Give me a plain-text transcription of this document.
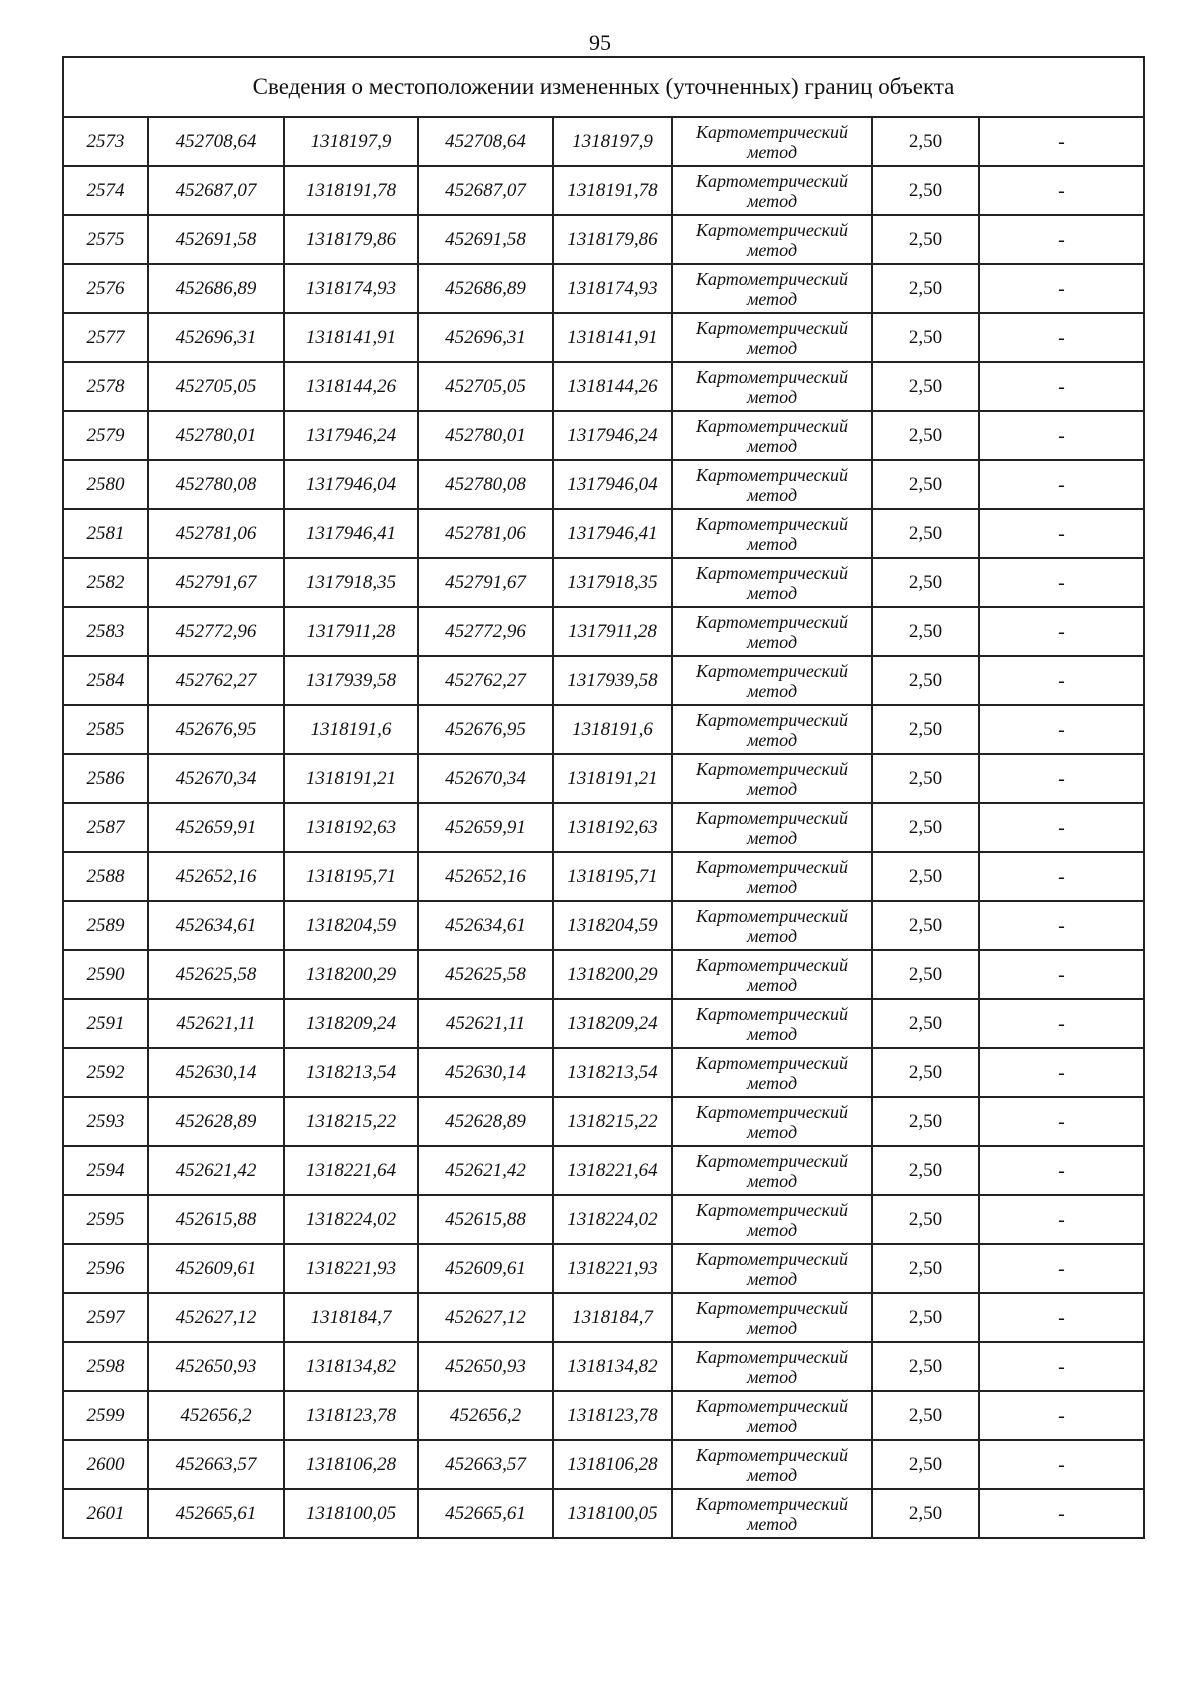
95
Сведения о местоположении измененных (уточненных) границ объекта							
2573	452708,64	1318197,9	452708,64	1318197,9	Картометрический метод	2,50	-
2574	452687,07	1318191,78	452687,07	1318191,78	Картометрический метод	2,50	-
2575	452691,58	1318179,86	452691,58	1318179,86	Картометрический метод	2,50	-
2576	452686,89	1318174,93	452686,89	1318174,93	Картометрический метод	2,50	-
2577	452696,31	1318141,91	452696,31	1318141,91	Картометрический метод	2,50	-
2578	452705,05	1318144,26	452705,05	1318144,26	Картометрический метод	2,50	-
2579	452780,01	1317946,24	452780,01	1317946,24	Картометрический метод	2,50	-
2580	452780,08	1317946,04	452780,08	1317946,04	Картометрический метод	2,50	-
2581	452781,06	1317946,41	452781,06	1317946,41	Картометрический метод	2,50	-
2582	452791,67	1317918,35	452791,67	1317918,35	Картометрический метод	2,50	-
2583	452772,96	1317911,28	452772,96	1317911,28	Картометрический метод	2,50	-
2584	452762,27	1317939,58	452762,27	1317939,58	Картометрический метод	2,50	-
2585	452676,95	1318191,6	452676,95	1318191,6	Картометрический метод	2,50	-
2586	452670,34	1318191,21	452670,34	1318191,21	Картометрический метод	2,50	-
2587	452659,91	1318192,63	452659,91	1318192,63	Картометрический метод	2,50	-
2588	452652,16	1318195,71	452652,16	1318195,71	Картометрический метод	2,50	-
2589	452634,61	1318204,59	452634,61	1318204,59	Картометрический метод	2,50	-
2590	452625,58	1318200,29	452625,58	1318200,29	Картометрический метод	2,50	-
2591	452621,11	1318209,24	452621,11	1318209,24	Картометрический метод	2,50	-
2592	452630,14	1318213,54	452630,14	1318213,54	Картометрический метод	2,50	-
2593	452628,89	1318215,22	452628,89	1318215,22	Картометрический метод	2,50	-
2594	452621,42	1318221,64	452621,42	1318221,64	Картометрический метод	2,50	-
2595	452615,88	1318224,02	452615,88	1318224,02	Картометрический метод	2,50	-
2596	452609,61	1318221,93	452609,61	1318221,93	Картометрический метод	2,50	-
2597	452627,12	1318184,7	452627,12	1318184,7	Картометрический метод	2,50	-
2598	452650,93	1318134,82	452650,93	1318134,82	Картометрический метод	2,50	-
2599	452656,2	1318123,78	452656,2	1318123,78	Картометрический метод	2,50	-
2600	452663,57	1318106,28	452663,57	1318106,28	Картометрический метод	2,50	-
2601	452665,61	1318100,05	452665,61	1318100,05	Картометрический метод	2,50	-
